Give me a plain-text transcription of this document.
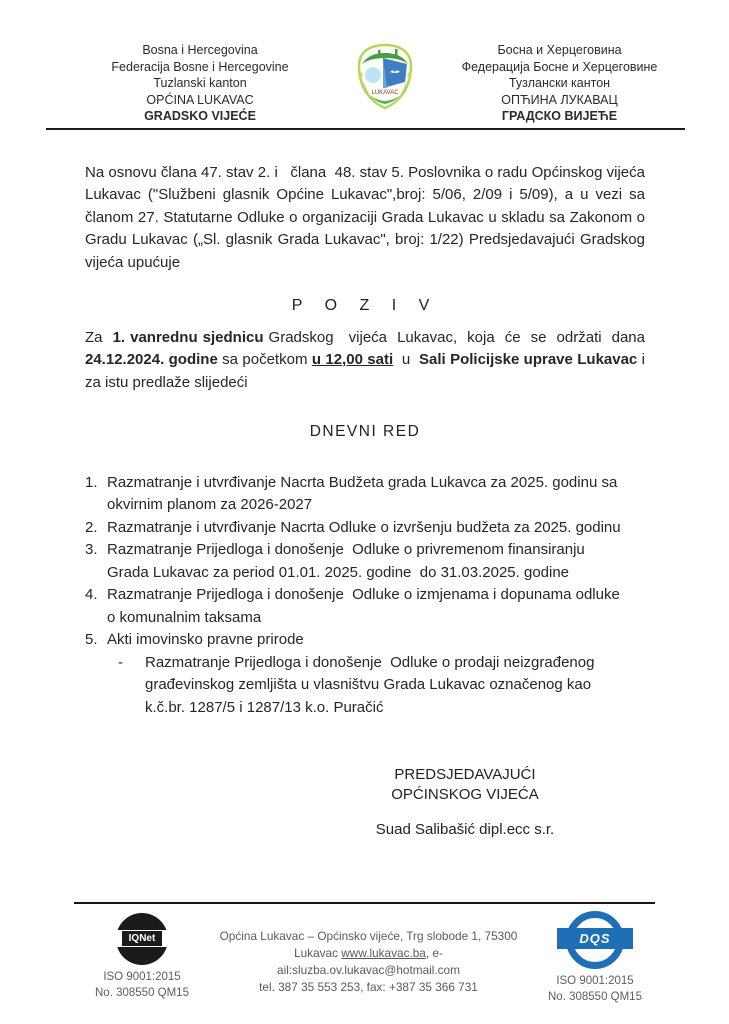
Bosna i Hercegovina
Federacija Bosne i Hercegovine
Tuzlanski kanton
OPĆINA LUKAVAC
GRADSKO VIJEĆE
LUKAVAC
Босна и Херцеговина
Федерација Босне и Херцеговине
Тузлански кантон
ОПЋИНА ЛУКАВАЦ
ГРАДСКО ВИЈЕЋЕ

Na osnovu člana 47. stav 2. i   člana  48. stav 5. Poslovnika o radu Općinskog vijeća Lukavac ("Službeni glasnik Općine Lukavac",broj: 5/06, 2/09 i 5/09), a u vezi sa članom 27. Statutarne Odluke o organizaciji Grada Lukavac u skladu sa Zakonom o Gradu Lukavac („Sl. glasnik Grada Lukavac", broj: 1/22) Predsjedavajući Gradskog vijeća upućuje

P O Z I V

Za  1. vanrednu sjednicu Gradskog   vijeća  Lukavac,  koja  će  se  održati  dana 24.12.2024. godine sa početkom u 12,00 sati  u  Sali Policijske uprave Lukavac i za istu predlaže slijedeći

DNEVNI RED
1. Razmatranje i utvrđivanje Nacrta Budžeta grada Lukavca za 2025. godinu sa okvirnim planom za 2026-2027
2. Razmatranje i utvrđivanje Nacrta Odluke o izvršenju budžeta za 2025. godinu
3. Razmatranje Prijedloga i donošenje  Odluke o privremenom finansiranju Grada Lukavac za period 01.01. 2025. godine  do 31.03.2025. godine
4. Razmatranje Prijedloga i donošenje  Odluke o izmjenama i dopunama odluke o komunalnim taksama
5. Akti imovinsko pravne prirode
-	Razmatranje Prijedloga i donošenje  Odluke o prodaji neizgrađenog građevinskog zemljišta u vlasništvu Grada Lukavac označenog kao k.č.br. 1287/5 i 1287/13 k.o. Puračić
PREDSJEDAVAJUĆI
OPĆINSKOG VIJEĆA
Suad Salibašić dipl.ecc s.r.
IQNet
ISO 9001:2015
No. 308550 QM15
Općina Lukavac – Općinsko vijeće, Trg slobode 1, 75300
Lukavac www.lukavac.ba, e-ail:sluzba.ov.lukavac@hotmail.com
tel. 387 35 553 253, fax: +387 35 366 731
DQS
ISO 9001:2015
No. 308550 QM15
